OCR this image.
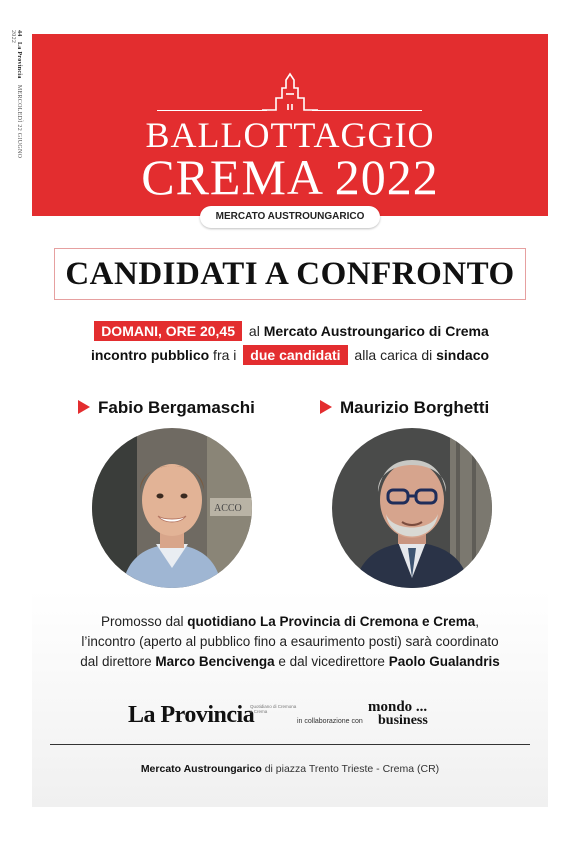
44 La Provincia MERCOLEDÌ 22 GIUGNO 2022
BALLOTTAGGIO
CREMA 2022
MERCATO AUSTROUNGARICO
CANDIDATI A CONFRONTO
DOMANI, ORE 20,45 al Mercato Austroungarico di Crema
incontro pubblico fra i due candidati alla carica di sindaco
Fabio Bergamaschi	Maurizio Borghetti
ACCO
Promosso dal quotidiano La Provincia di Cremona e Crema,
l’incontro (aperto al pubblico fino a esaurimento posti) sarà coordinato
dal direttore Marco Bencivenga e dal vicedirettore Paolo Gualandris
La Provincia
Quotidiano di Cremona e Crema
in collaborazione con
mondo ...
business
Mercato Austroungarico di piazza Trento Trieste - Crema (CR)
